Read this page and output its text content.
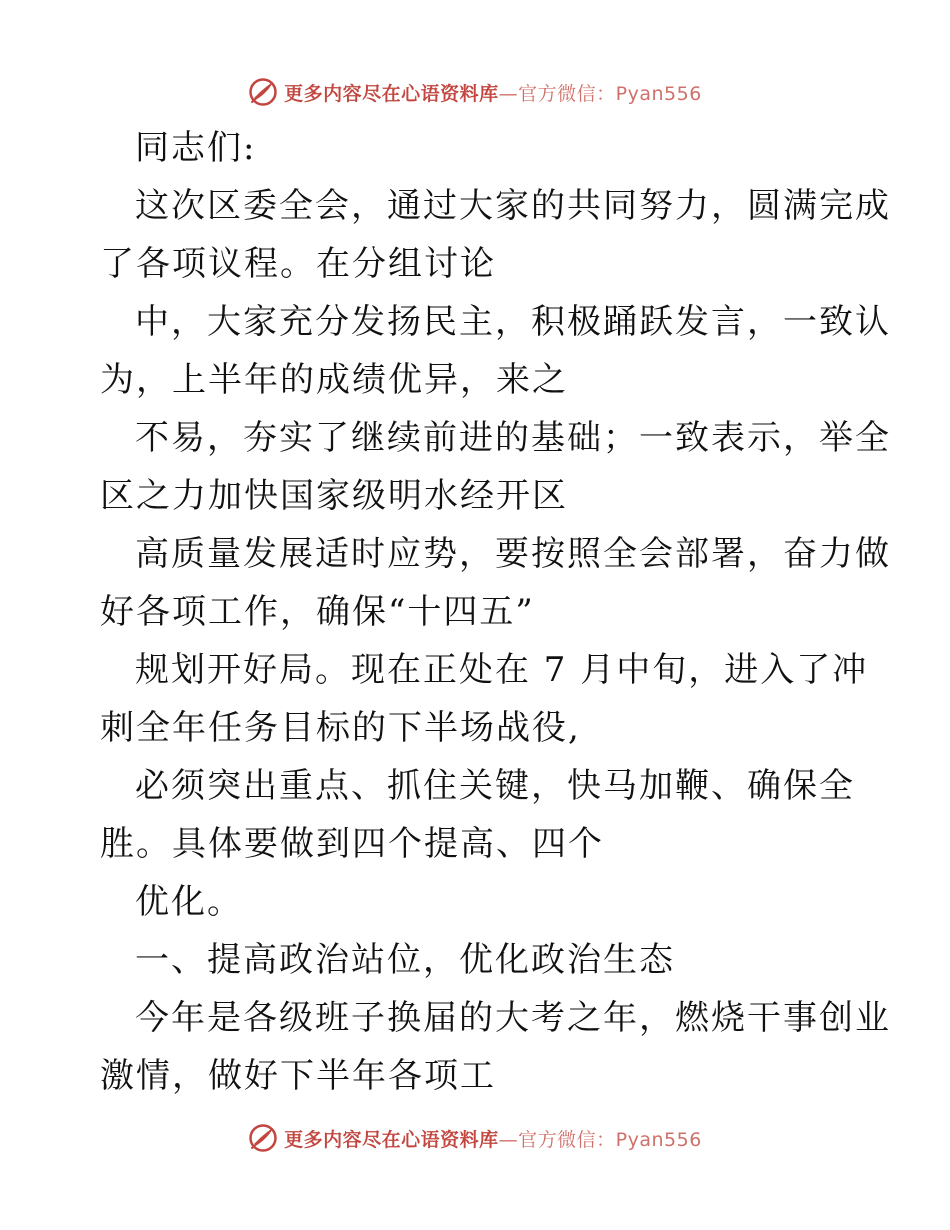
更多内容尽在心语资料库—官方微信：Pyan556
同志们:
这次区委全会，通过大家的共同努力，圆满完成
了各项议程。在分组讨论
中，大家充分发扬民主，积极踊跃发言，一致认
为，上半年的成绩优异，来之
不易，夯实了继续前进的基础；一致表示，举全
区之力加快国家级明水经开区
高质量发展适时应势，要按照全会部署，奋力做
好各项工作，确保“十四五”
规划开好局。现在正处在 7 月中旬，进入了冲
刺全年任务目标的下半场战役,
必须突出重点、抓住关键，快马加鞭、确保全
胜。具体要做到四个提高、四个
优化。
一、提高政治站位，优化政治生态
今年是各级班子换届的大考之年，燃烧干事创业
激情，做好下半年各项工
更多内容尽在心语资料库—官方微信：Pyan556
